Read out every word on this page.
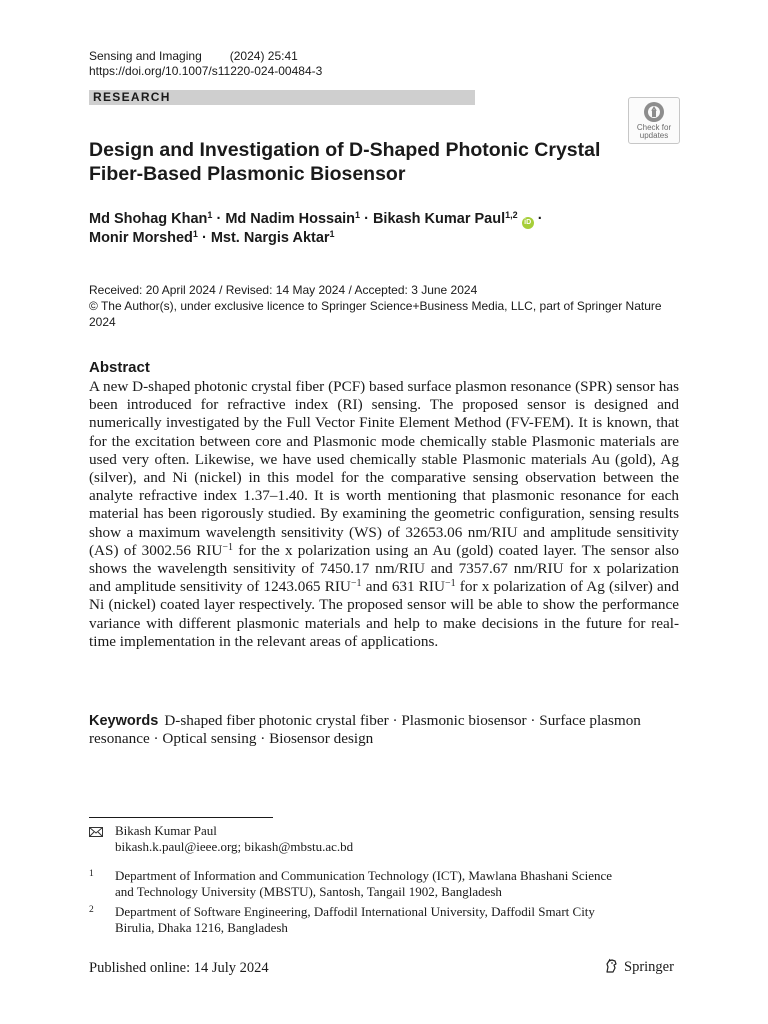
Sensing and Imaging (2024) 25:41
https://doi.org/10.1007/s11220-024-00484-3
RESEARCH
Check for
updates
Design and Investigation of D-Shaped Photonic Crystal
Fiber-Based Plasmonic Biosensor
Md Shohag Khan$^1$ · Md Nadim Hossain$^1$ · Bikash Kumar Paul$^{1,2}$ iD ·
Monir Morshed$^1$ · Mst. Nargis Aktar$^1$
Received: 20 April 2024 / Revised: 14 May 2024 / Accepted: 3 June 2024
© The Author(s), under exclusive licence to Springer Science+Business Media, LLC, part of Springer Nature
2024
Abstract
A new D-shaped photonic crystal fiber (PCF) based surface plasmon resonance (SPR) sensor has been introduced for refractive index (RI) sensing. The proposed sensor is designed and numerically investigated by the Full Vector Finite Element Method (FV-FEM). It is known, that for the excitation between core and Plasmonic mode chemically stable Plasmonic materials are used very often. Likewise, we have used chemically stable Plasmonic materials Au (gold), Ag (silver), and Ni (nickel) in this model for the comparative sensing observation between the analyte refractive index 1.37–1.40. It is worth mentioning that plasmonic resonance for each material has been rigorously studied. By examining the geometric configuration, sensing results show a maximum wavelength sensitivity (WS) of 32653.06 nm/RIU and amplitude sensitivity (AS) of 3002.56 $RIU^{-1}$ for the x polarization using an Au (gold) coated layer. The sensor also shows the wavelength sensitivity of 7450.17 nm/RIU and 7357.67 nm/RIU for x polarization and amplitude sensitivity of 1243.065 $RIU^{-1}$ and 631 $RIU^{-1}$ for x polarization of Ag (silver) and Ni (nickel) coated layer respectively. The proposed sensor will be able to show the performance variance with different plasmonic materials and help to make decisions in the future for real-time implementation in the relevant areas of applications.
Keywords D-shaped fiber photonic crystal fiber · Plasmonic biosensor · Surface plasmon resonance · Optical sensing · Biosensor design
Bikash Kumar Paul
bikash.k.paul@ieee.org; bikash@mbstu.ac.bd
1 Department of Information and Communication Technology (ICT), Mawlana Bhashani Science
and Technology University (MBSTU), Santosh, Tangail 1902, Bangladesh
2 Department of Software Engineering, Daffodil International University, Daffodil Smart City
Birulia, Dhaka 1216, Bangladesh
Published online: 14 July 2024	Springer
